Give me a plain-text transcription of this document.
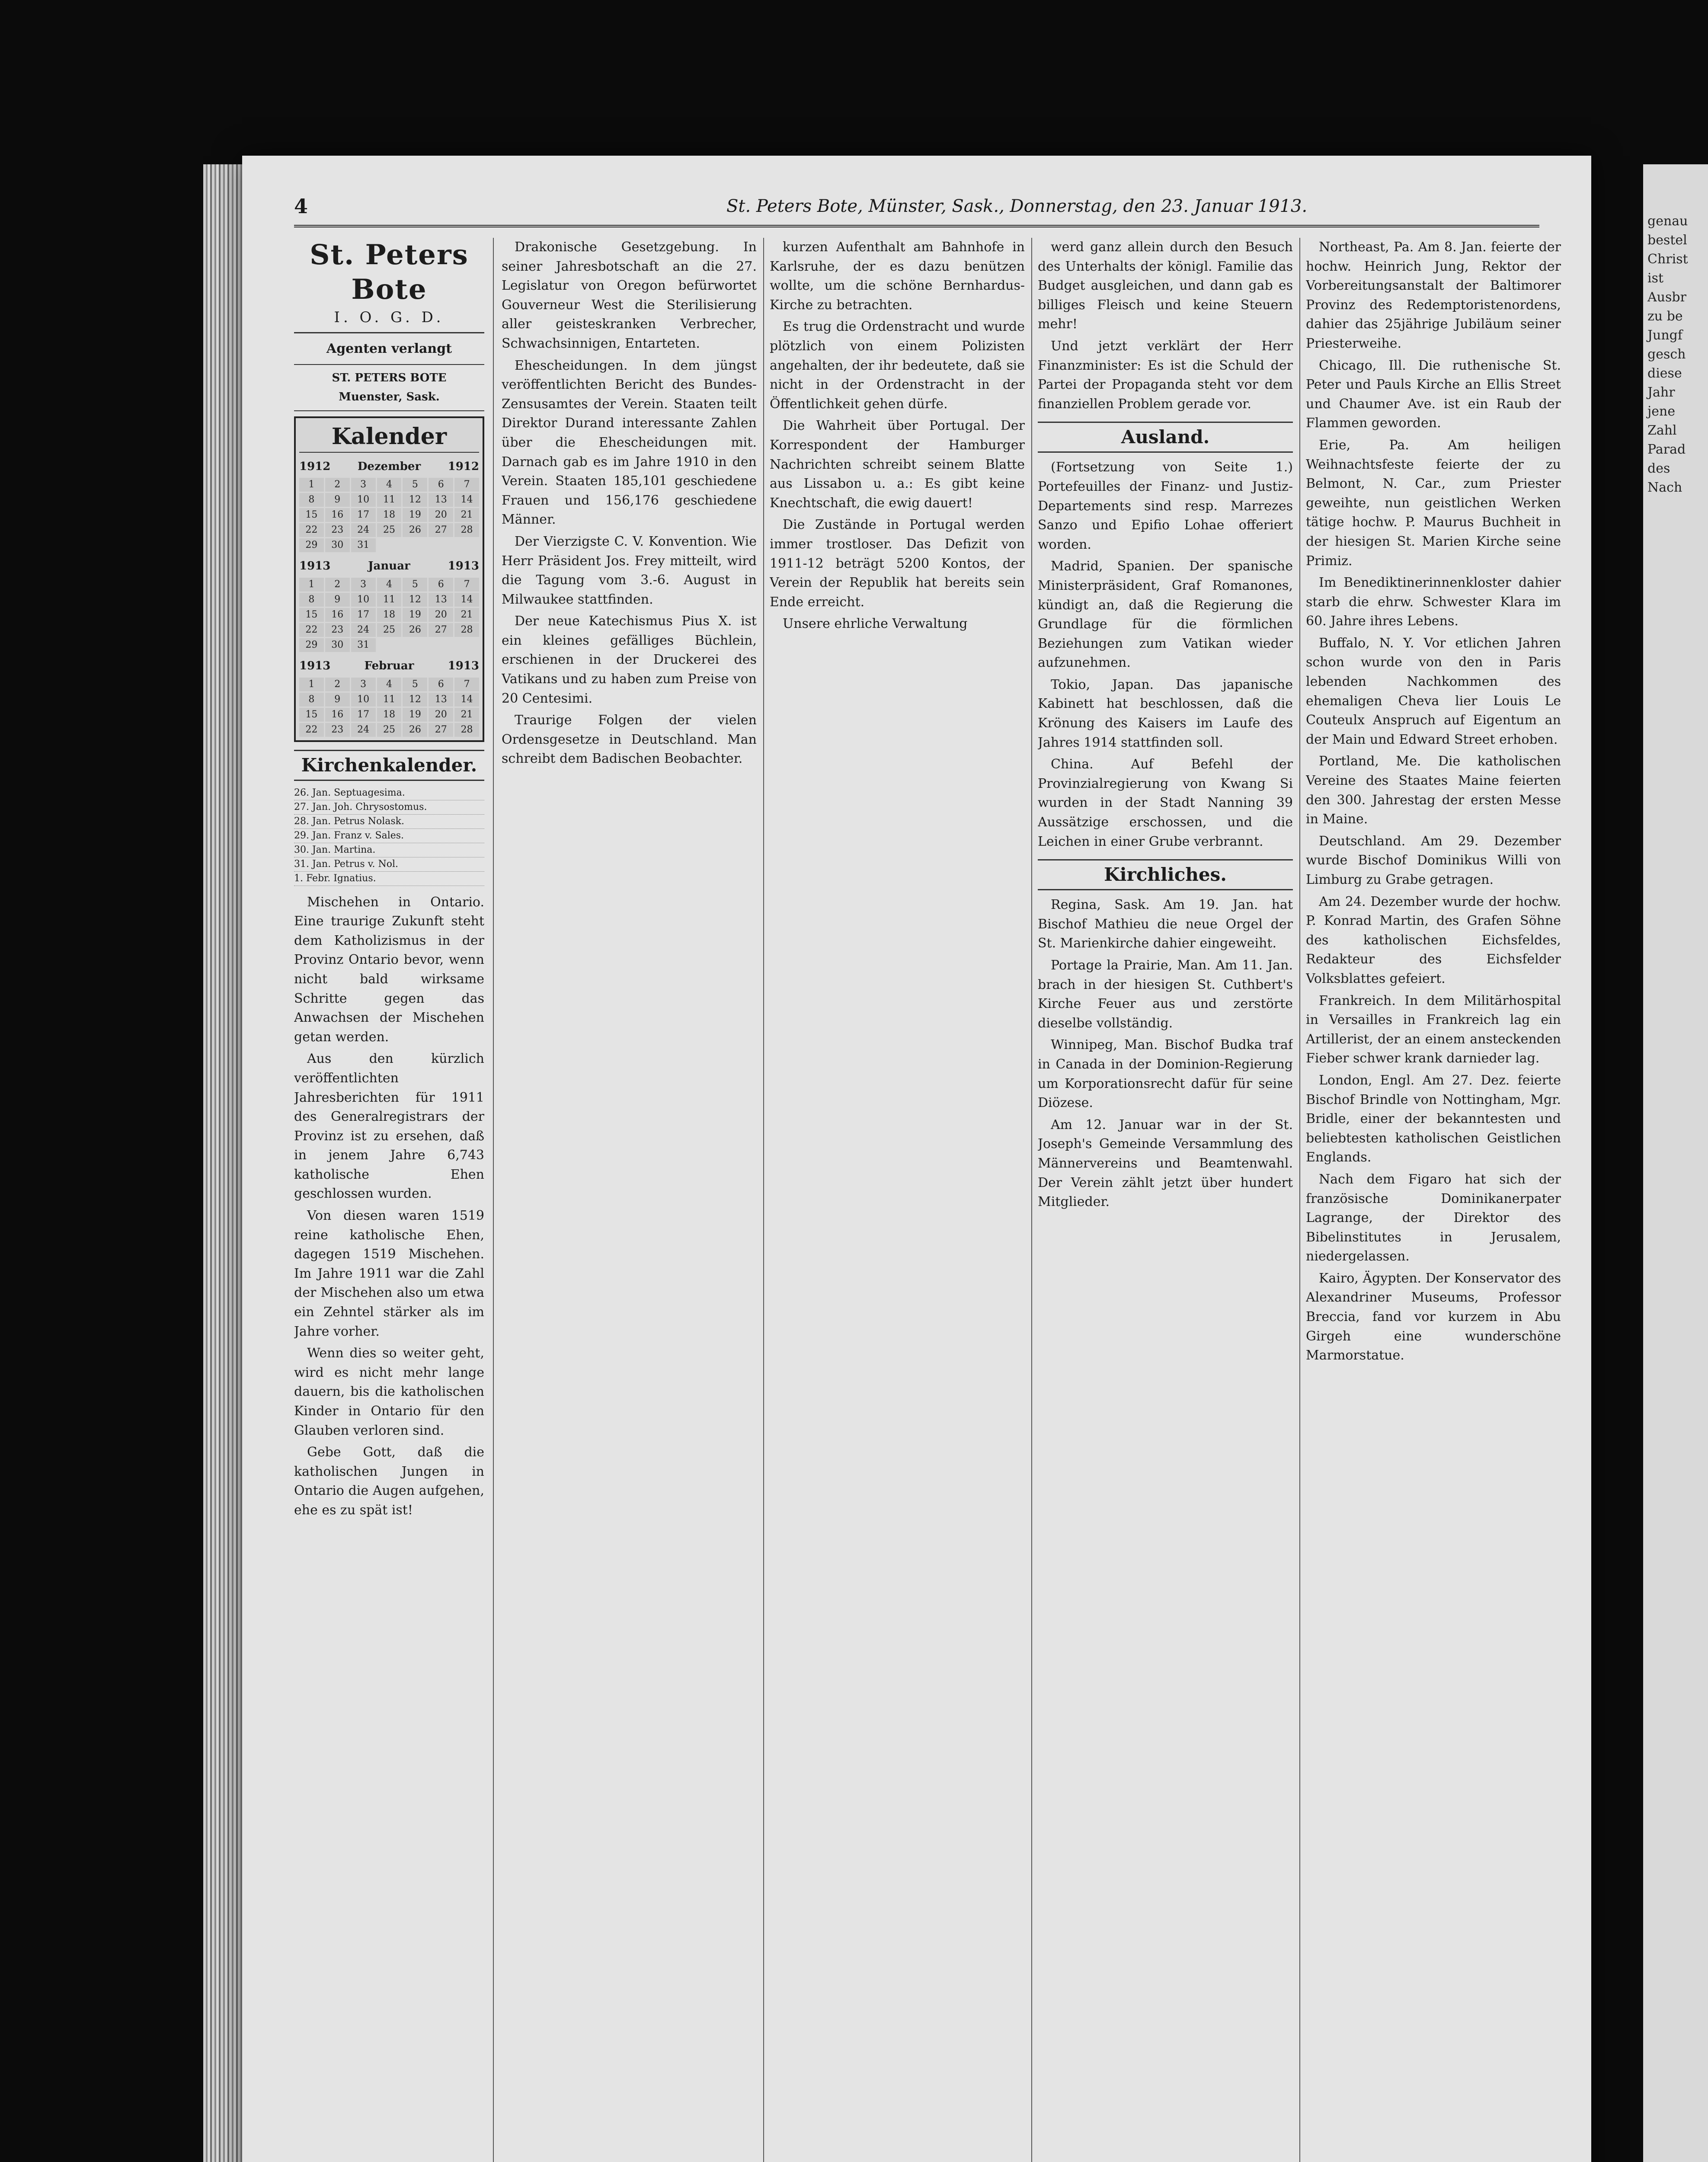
4	St. Peters Bote, Münster, Sask., Donnerstag, den 23. Januar 1913.
St. Peters Bote
I. O. G. D.
Agenten verlangt
ST. PETERS BOTE
Muenster, Sask.
Kalender
1912 Dezember 1912
1	2	3	4	5	6	7
8	9	10	11	12	13	14
15	16	17	18	19	20	21
22	23	24	25	26	27	28
29	30	31
1913	Januar	1913
1	2	3	4	5	6	7
8	9	10	11	12	13	14
15	16	17	18	19	20	21
22	23	24	25	26	27	28
29	30	31
1913	Februar	1913
1	2	3	4	5	6	7
8	9	10	11	12	13	14
15	16	17	18	19	20	21
22	23	24	25	26	27	28
Kirchenkalender.
26. Jan. Septuagesima.
27. Jan. Joh. Chrysostomus.
28. Jan. Petrus Nolask.
29. Jan. Franz v. Sales.
30. Jan. Martina.
31. Jan. Petrus v. Nol.
1. Febr. Ignatius.

Mischehen in Ontario. Eine traurige Zukunft steht dem Katholizismus in der Provinz Ontario bevor, wenn nicht bald wirksame Schritte gegen das Anwachsen der Mischehen getan werden.

Aus den kürzlich veröffentlichten Jahresberichten für 1911 des Generalregistrars der Provinz ist zu ersehen, daß in jenem Jahre 6,743 katholische Ehen geschlossen wurden.

Von diesen waren 1519 reine katholische Ehen, dagegen 1519 Mischehen. Im Jahre 1911 war die Zahl der Mischehen also um etwa ein Zehntel stärker als im Jahre vorher.

Wenn dies so weiter geht, wird es nicht mehr lange dauern, bis die katholischen Kinder in Ontario für den Glauben verloren sind.

Gebe Gott, daß die katholischen Jungen in Ontario die Augen aufgehen, ehe es zu spät ist!

Drakonische Gesetzgebung. In seiner Jahresbotschaft an die 27. Legislatur von Oregon befürwortet Gouverneur West die Sterilisierung aller geisteskranken Verbrecher, Schwachsinnigen, Entarteten.

Ehescheidungen. In dem jüngst veröffentlichten Bericht des Bundes-Zensusamtes der Verein. Staaten teilt Direktor Durand interessante Zahlen über die Ehescheidungen mit. Darnach gab es im Jahre 1910 in den Verein. Staaten 185,101 geschiedene Frauen und 156,176 geschiedene Männer.

Der Vierzigste C. V. Konvention. Wie Herr Präsident Jos. Frey mitteilt, wird die Tagung vom 3.-6. August in Milwaukee stattfinden.

Der neue Katechismus Pius X. ist ein kleines gefälliges Büchlein, erschienen in der Druckerei des Vatikans und zu haben zum Preise von 20 Centesimi.

Traurige Folgen der vielen Ordensgesetze in Deutschland. Man schreibt dem Badischen Beobachter.

kurzen Aufenthalt am Bahnhofe in Karlsruhe, der es dazu benützen wollte, um die schöne Bernhardus-Kirche zu betrachten.

Es trug die Ordenstracht und wurde plötzlich von einem Polizisten angehalten, der ihr bedeutete, daß sie nicht in der Ordenstracht in der Öffentlichkeit gehen dürfe.

Die Wahrheit über Portugal. Der Korrespondent der Hamburger Nachrichten schreibt seinem Blatte aus Lissabon u. a.: Es gibt keine Knechtschaft, die ewig dauert!

Die Zustände in Portugal werden immer trostloser. Das Defizit von 1911-12 beträgt 5200 Kontos, der Verein der Republik hat bereits sein Ende erreicht.

Unsere ehrliche Verwaltung

werd ganz allein durch den Besuch des Unterhalts der königl. Familie das Budget ausgleichen, und dann gab es billiges Fleisch und keine Steuern mehr!

Und jetzt verklärt der Herr Finanzminister: Es ist die Schuld der Partei der Propaganda steht vor dem finanziellen Problem gerade vor.

Ausland.

(Fortsetzung von Seite 1.) Portefeuilles der Finanz- und Justiz-Departements sind resp. Marrezes Sanzo und Epifio Lohae offeriert worden.

Madrid, Spanien. Der spanische Ministerpräsident, Graf Romanones, kündigt an, daß die Regierung die Grundlage für die förmlichen Beziehungen zum Vatikan wieder aufzunehmen.

Tokio, Japan. Das japanische Kabinett hat beschlossen, daß die Krönung des Kaisers im Laufe des Jahres 1914 stattfinden soll.

China. Auf Befehl der Provinzialregierung von Kwang Si wurden in der Stadt Nanning 39 Aussätzige erschossen, und die Leichen in einer Grube verbrannt.

Kirchliches.

Regina, Sask. Am 19. Jan. hat Bischof Mathieu die neue Orgel der St. Marienkirche dahier eingeweiht.

Portage la Prairie, Man. Am 11. Jan. brach in der hiesigen St. Cuthbert's Kirche Feuer aus und zerstörte dieselbe vollständig.

Winnipeg, Man. Bischof Budka traf in Canada in der Dominion-Regierung um Korporationsrecht dafür für seine Diözese.

Am 12. Januar war in der St. Joseph's Gemeinde Versammlung des Männervereins und Beamtenwahl. Der Verein zählt jetzt über hundert Mitglieder.

Northeast, Pa. Am 8. Jan. feierte der hochw. Heinrich Jung, Rektor der Vorbereitungsanstalt der Baltimorer Provinz des Redemptoristenordens, dahier das 25jährige Jubiläum seiner Priesterweihe.

Chicago, Ill. Die ruthenische St. Peter und Pauls Kirche an Ellis Street und Chaumer Ave. ist ein Raub der Flammen geworden.

Erie, Pa. Am heiligen Weihnachtsfeste feierte der zu Belmont, N. Car., zum Priester geweihte, nun geistlichen Werken tätige hochw. P. Maurus Buchheit in der hiesigen St. Marien Kirche seine Primiz.

Im Benediktinerinnenkloster dahier starb die ehrw. Schwester Klara im 60. Jahre ihres Lebens.

Buffalo, N. Y. Vor etlichen Jahren schon wurde von den in Paris lebenden Nachkommen des ehemaligen Cheva lier Louis Le Couteulx Anspruch auf Eigentum an der Main und Edward Street erhoben.

Portland, Me. Die katholischen Vereine des Staates Maine feierten den 300. Jahrestag der ersten Messe in Maine.

Deutschland. Am 29. Dezember wurde Bischof Dominikus Willi von Limburg zu Grabe getragen.

Am 24. Dezember wurde der hochw. P. Konrad Martin, des Grafen Söhne des katholischen Eichsfeldes, Redakteur des Eichsfelder Volksblattes gefeiert.

Frankreich. In dem Militärhospital in Versailles in Frankreich lag ein Artillerist, der an einem ansteckenden Fieber schwer krank darnieder lag.

London, Engl. Am 27. Dez. feierte Bischof Brindle von Nottingham, Mgr. Bridle, einer der bekanntesten und beliebtesten katholischen Geistlichen Englands.

Nach dem Figaro hat sich der französische Dominikanerpater Lagrange, der Direktor des Bibelinstitutes in Jerusalem, niedergelassen.

Kairo, Ägypten. Der Konservator des Alexandriner Museums, Professor Breccia, fand vor kurzem in Abu Girgeh eine wunderschöne Marmorstatue.

genau
bestel
Christ
ist
Ausbr
zu be
Jungf
gesch
diese
Jahr
jene
Zahl
Parad
des
Nach
